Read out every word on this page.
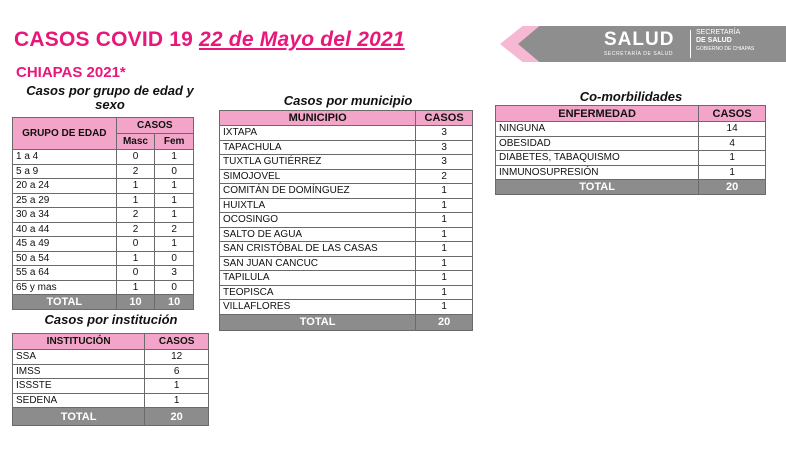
CASOS COVID 19 22 de Mayo del 2021
CHIAPAS 2021*
SALUD
SECRETARÍA DE SALUD
SECRETARÍA
DE SALUD
GOBIERNO DE CHIAPAS
Casos por grupo de edad y sexo
GRUPO DE EDAD	CASOS	
	Masc	Fem
1 a 4	0	1
5 a 9	2	0
20 a 24	1	1
25 a 29	1	1
30 a 34	2	1
40 a 44	2	2
45 a 49	0	1
50 a 54	1	0
55 a 64	0	3
65 y mas	1	0
TOTAL	10	10
Casos por institución
INSTITUCIÓN	CASOS
SSA	12
IMSS	6
ISSSTE	1
SEDENA	1
TOTAL	20
Casos por municipio
MUNICIPIO	CASOS
IXTAPA	3
TAPACHULA	3
TUXTLA GUTIÉRREZ	3
SIMOJOVEL	2
COMITÁN DE DOMÍNGUEZ	1
HUIXTLA	1
OCOSINGO	1
SALTO DE AGUA	1
SAN CRISTÓBAL DE LAS CASAS	1
SAN JUAN CANCUC	1
TAPILULA	1
TEOPISCA	1
VILLAFLORES	1
TOTAL	20
Co-morbilidades
ENFERMEDAD	CASOS
NINGUNA	14
OBESIDAD	4
DIABETES, TABAQUISMO	1
INMUNOSUPRESIÓN	1
TOTAL	20
